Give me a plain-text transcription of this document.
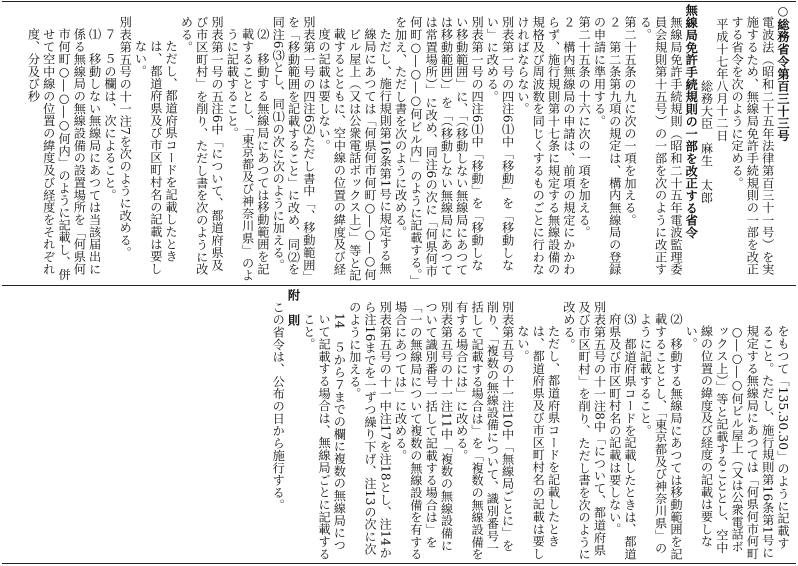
○総務省令第百三十三号
電波法（昭和二十五年法律第百三十一号）を実施するため、無線局免許手続規則の一部を改正する省令を次のように定める。
平成十七年八月十二日
総務大臣　麻生　太郎
無線局免許手続規則の一部を改正する省令
無線局免許手続規則（昭和二十五年電波監理委員会規則第十五号）の一部を次のように改正する。
第二十五条の九に次の一項を加える。
２　第二条第九項の規定は、構内無線局の登録の申請に準用する。
第二十五条の十六に次の一項を加える。
２　構内無線局の申請は、前項の規定にかかわらず、施行規則第十七条に規定する無線設備の規格及び周波数を同じくするものごとに行わなければならない。
別表第一号の四注6⑴中「移動」を「移動しない」に改める。
別表第一号の四注6⑴中「移動」を「移動しない移動範囲」に、「（移動しない無線局にあつては移動範囲）」を「（移動しない無線局にあつては常置場所）」に改め、同注6の次に「何県何市何町○―○―○何ビル内」のように記載する。」を加え、ただし書を次のように改める。
ただし、施行規則第16条第1号に規定する無線局にあつては「何県何市何町○―○―○何ビル屋上（又は公衆電話ボックス上）」等と記載するとともに、空中線の位置の緯度及び経度の記載は要しない。
別表第一号の四注6⑵ただし書中「、移動範囲」を「移動範囲を記載すること」に改め、同⑵を同注6⑶とし、同⑴の次に次のように加える。
⑵　移動する無線局にあつては移動範囲を記載することとし、「東京都及び神奈川県」のように記載すること。
別表第一号の五注6中「について、都道府県及び市区町村」を削り、ただし書を次のように改める。
ただし、都道府県コードを記載したときは、都道府県及び市区町村名の記載は要しない。
別表第五号の十一注7を次のように改める。
７　５の欄は、次によること。
⑴　移動しない無線局にあつては当該届出に係る無線局の無線設備の設置場所を「何県何市何町○―○―○何内」のように記載し、併せて空中線の位置の緯度及び経度をそれぞれ度、分及び秒
をもつて「135.30.30」のように記載すること。ただし、施行規則第16条第1号に規定する無線局にあつては「何県何市何町○―○―○何ビル屋上（又は公衆電話ボックス上）」等と記載することとし、空中線の位置の緯度及び経度の記載は要しない。
⑵　移動する無線局にあつては移動範囲を記載することとし、「東京都及び神奈川県」のように記載すること。
⑶　都道府県コードを記載したときは、都道府県及び市区町村名の記載は要しない。
別表第五号の十一注8中「について、都道府県及び市区町村」を削り、ただし書を次のように改める。
ただし、都道府県コードを記載したときは、都道府県及び市区町村名の記載は要しない。
別表第五号の十一注10中「無線局ごとに」を削り、「複数の無線設備について、識別番号一括して記載する場合は」を「複数の無線設備を有する場合には」に改める。
別表第五号の十一注11中「複数の無線設備について識別番号一括して記載する場合は」を「一の無線局について複数の無線設備を有する場合にあつては」に改める。
別表第五号の十一中注17を注18とし、注14から注16までを一ずつ繰り下げ、注13の次に次のように加える。
14　５から７までの欄に複数の無線局について記載する場合は、無線局ごとに記載すること。
附　則
この省令は、公布の日から施行する。
